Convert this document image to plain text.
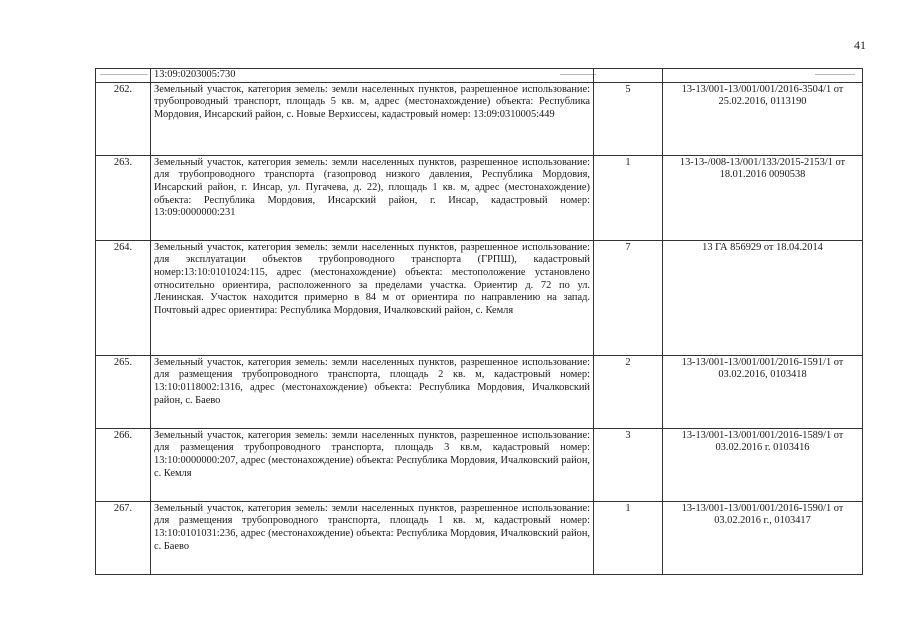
41
	13:09:0203005:730		
262.	Земельный участок, категория земель: земли населенных пунктов, разрешенное использование: трубопроводный транспорт, площадь 5 кв. м, адрес (местонахождение) объекта: Республика Мордовия, Инсарский район, с. Новые Верхиссеы, кадастровый номер: 13:09:0310005:449	5	13-13/001-13/001/001/2016-3504/1 от 25.02.2016, 0113190
263.	Земельный участок, категория земель: земли населенных пунктов, разрешенное использование: для трубопроводного транспорта (газопровод низкого давления, Республика Мордовия, Инсарский район, г. Инсар, ул. Пугачева, д. 22), площадь 1 кв. м, адрес (местонахождение) объекта: Республика Мордовия, Инсарский район, г. Инсар, кадастровый номер: 13:09:0000000:231	1	13-13-/008-13/001/133/2015-2153/1 от 18.01.2016 0090538
264.	Земельный участок, категория земель: земли населенных пунктов, разрешенное использование: для эксплуатации объектов трубопроводного транспорта (ГРПШ), кадастровый номер:13:10:0101024:115, адрес (местонахождение) объекта: местоположение установлено относительно ориентира, расположенного за пределами участка. Ориентир д. 72 по ул. Ленинская. Участок находится примерно в 84 м от ориентира по направлению на запад. Почтовый адрес ориентира: Республика Мордовия, Ичалковский район, с. Кемля	7	13 ГА 856929 от 18.04.2014
265.	Земельный участок, категория земель: земли населенных пунктов, разрешенное использование: для размещения трубопроводного транспорта, площадь 2 кв. м, кадастровый номер: 13:10:0118002:1316, адрес (местонахождение) объекта: Республика Мордовия, Ичалковский район, с. Баево	2	13-13/001-13/001/001/2016-1591/1 от 03.02.2016, 0103418
266.	Земельный участок, категория земель: земли населенных пунктов, разрешенное использование: для размещения трубопроводного транспорта, площадь 3 кв.м, кадастровый номер: 13:10:0000000:207, адрес (местонахождение) объекта: Республика Мордовия, Ичалковский район, с. Кемля	3	13-13/001-13/001/001/2016-1589/1 от 03.02.2016 г. 0103416
267.	Земельный участок, категория земель: земли населенных пунктов, разрешенное использование: для размещения трубопроводного транспорта, площадь 1 кв. м, кадастровый номер: 13:10:0101031:236, адрес (местонахождение) объекта: Республика Мордовия, Ичалковский район, с. Баево	1	13-13/001-13/001/001/2016-1590/1 от 03.02.2016 г., 0103417
